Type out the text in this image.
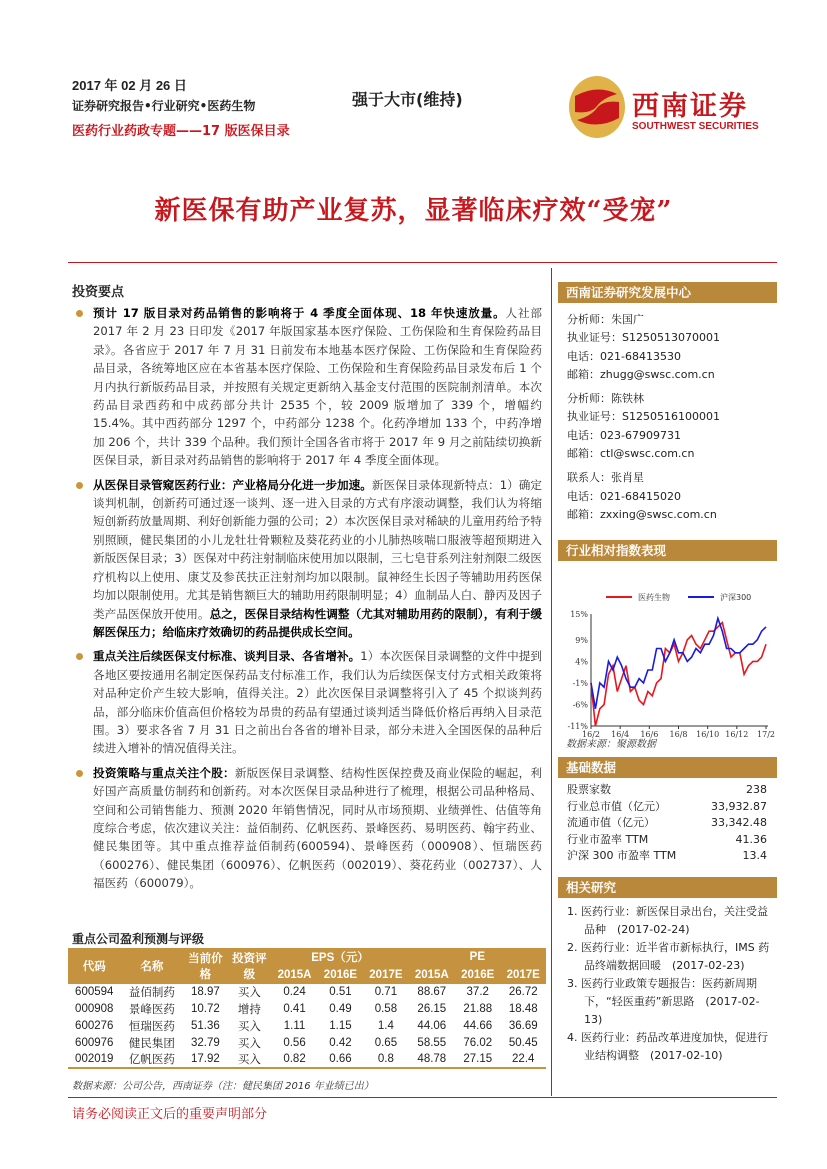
2017 年 02 月 26 日
证券研究报告•行业研究•医药生物
医药行业药政专题——17 版医保目录
强于大市(维持)	西南证券
SOUTHWEST SECURITIES
新医保有助产业复苏，显著临床疗效“受宠”
投资要点
预计 17 版目录对药品销售的影响将于 4 季度全面体现、18 年快速放量。人社部 2017 年 2 月 23 日印发《2017 年版国家基本医疗保险、工伤保险和生育保险药品目录》。各省应于 2017 年 7 月 31 日前发布本地基本医疗保险、工伤保险和生育保险药品目录，各统筹地区应在本省基本医疗保险、工伤保险和生育保险药品目录发布后 1 个月内执行新版药品目录，并按照有关规定更新纳入基金支付范围的医院制剂清单。本次药品目录西药和中成药部分共计 2535 个，较 2009 版增加了 339 个，增幅约 15.4%。其中西药部分 1297 个，中药部分 1238 个。化药净增加 133 个，中药净增加 206 个，共计 339 个品种。我们预计全国各省市将于 2017 年 9 月之前陆续切换新医保目录，新目录对药品销售的影响将于 2017 年 4 季度全面体现。
从医保目录管窥医药行业：产业格局分化进一步加速。新医保目录体现新特点：1）确定谈判机制，创新药可通过逐一谈判、逐一进入目录的方式有序滚动调整，我们认为将缩短创新药放量周期、利好创新能力强的公司；2）本次医保目录对稀缺的儿童用药给予特别照顾，健民集团的小儿龙牡壮骨颗粒及葵花药业的小儿肺热咳喘口服液等超预期进入新版医保目录；3）医保对中药注射制临床使用加以限制，三七皂苷系列注射剂限二级医疗机构以上使用、康艾及参芪扶正注射剂均加以限制。鼠神经生长因子等辅助用药医保均加以限制使用。尤其是销售额巨大的辅助用药限制明显；4）血制品人白、静丙及因子类产品医保放开使用。总之，医保目录结构性调整（尤其对辅助用药的限制），有利于缓解医保压力；给临床疗效确切的药品提供成长空间。
重点关注后续医保支付标准、谈判目录、各省增补。1）本次医保目录调整的文件中提到各地区要按通用名制定医保药品支付标准工作，我们认为后续医保支付方式相关政策将对品种定价产生较大影响，值得关注。2）此次医保目录调整将引入了 45 个拟谈判药品，部分临床价值高但价格较为昂贵的药品有望通过谈判适当降低价格后再纳入目录范围。3）要求各省 7 月 31 日之前出台各省的增补目录，部分未进入全国医保的品种后续进入增补的情况值得关注。
投资策略与重点关注个股：新版医保目录调整、结构性医保控费及商业保险的崛起，利好国产高质量仿制药和创新药。对本次医保目录品种进行了梳理，根据公司品种格局、空间和公司销售能力、预测 2020 年销售情况，同时从市场预期、业绩弹性、估值等角度综合考虑，依次建议关注：益佰制药、亿帆医药、景峰医药、易明医药、翰宇药业、健民集团等。其中重点推荐益佰制药(600594)、景峰医药（000908）、恒瑞医药（600276）、健民集团（600976）、亿帆医药（002019）、葵花药业（002737）、人福医药（600079）。
重点公司盈利预测与评级
代码	名称	当前价格	投资评级	EPS（元）			PE		
				2015A	2016E	2017E	2015A	2016E	2017E
600594	益佰制药	18.97	买入	0.24	0.51	0.71	88.67	37.2	26.72
000908	景峰医药	10.72	增持	0.41	0.49	0.58	26.15	21.88	18.48
600276	恒瑞医药	51.36	买入	1.11	1.15	1.4	44.06	44.66	36.69
600976	健民集团	32.79	买入	0.56	0.42	0.65	58.55	76.02	50.45
002019	亿帆医药	17.92	买入	0.82	0.66	0.8	48.78	27.15	22.4
数据来源：公司公告，西南证券（注：健民集团 2016 年业绩已出）
请务必阅读正文后的重要声明部分
西南证券研究发展中心
分析师：朱国广
执业证号：S1250513070001
电话：021-68413530
邮箱：zhugg@swsc.com.cn
分析师：陈铁林
执业证号：S1250516100001
电话：023-67909731
邮箱：ctl@swsc.com.cn
联系人：张肖星
电话：021-68415020
邮箱：zxxing@swsc.com.cn
行业相对指数表现
15%
9%
4%
-1%
-6%
-11%
16/2 16/4 16/6 16/8 16/10 16/12 17/2
医药生物	沪深300
数据来源：聚源数据
基础数据
股票家数	238
行业总市值（亿元）	33,932.87
流通市值（亿元）	33,342.48
行业市盈率 TTM	41.36
沪深 300 市盈率 TTM	13.4
相关研究
1. 医药行业：新医保目录出台，关注受益
品种　(2017-02-24)
2. 医药行业：近半省市新标执行，IMS 药
品终端数据回暖　(2017-02-23)
3. 医药行业政策专题报告：医药新周期
下，“轻医重药”新思路　(2017-02-13)
4. 医药行业：药品改革进度加快，促进行
业结构调整　(2017-02-10)
